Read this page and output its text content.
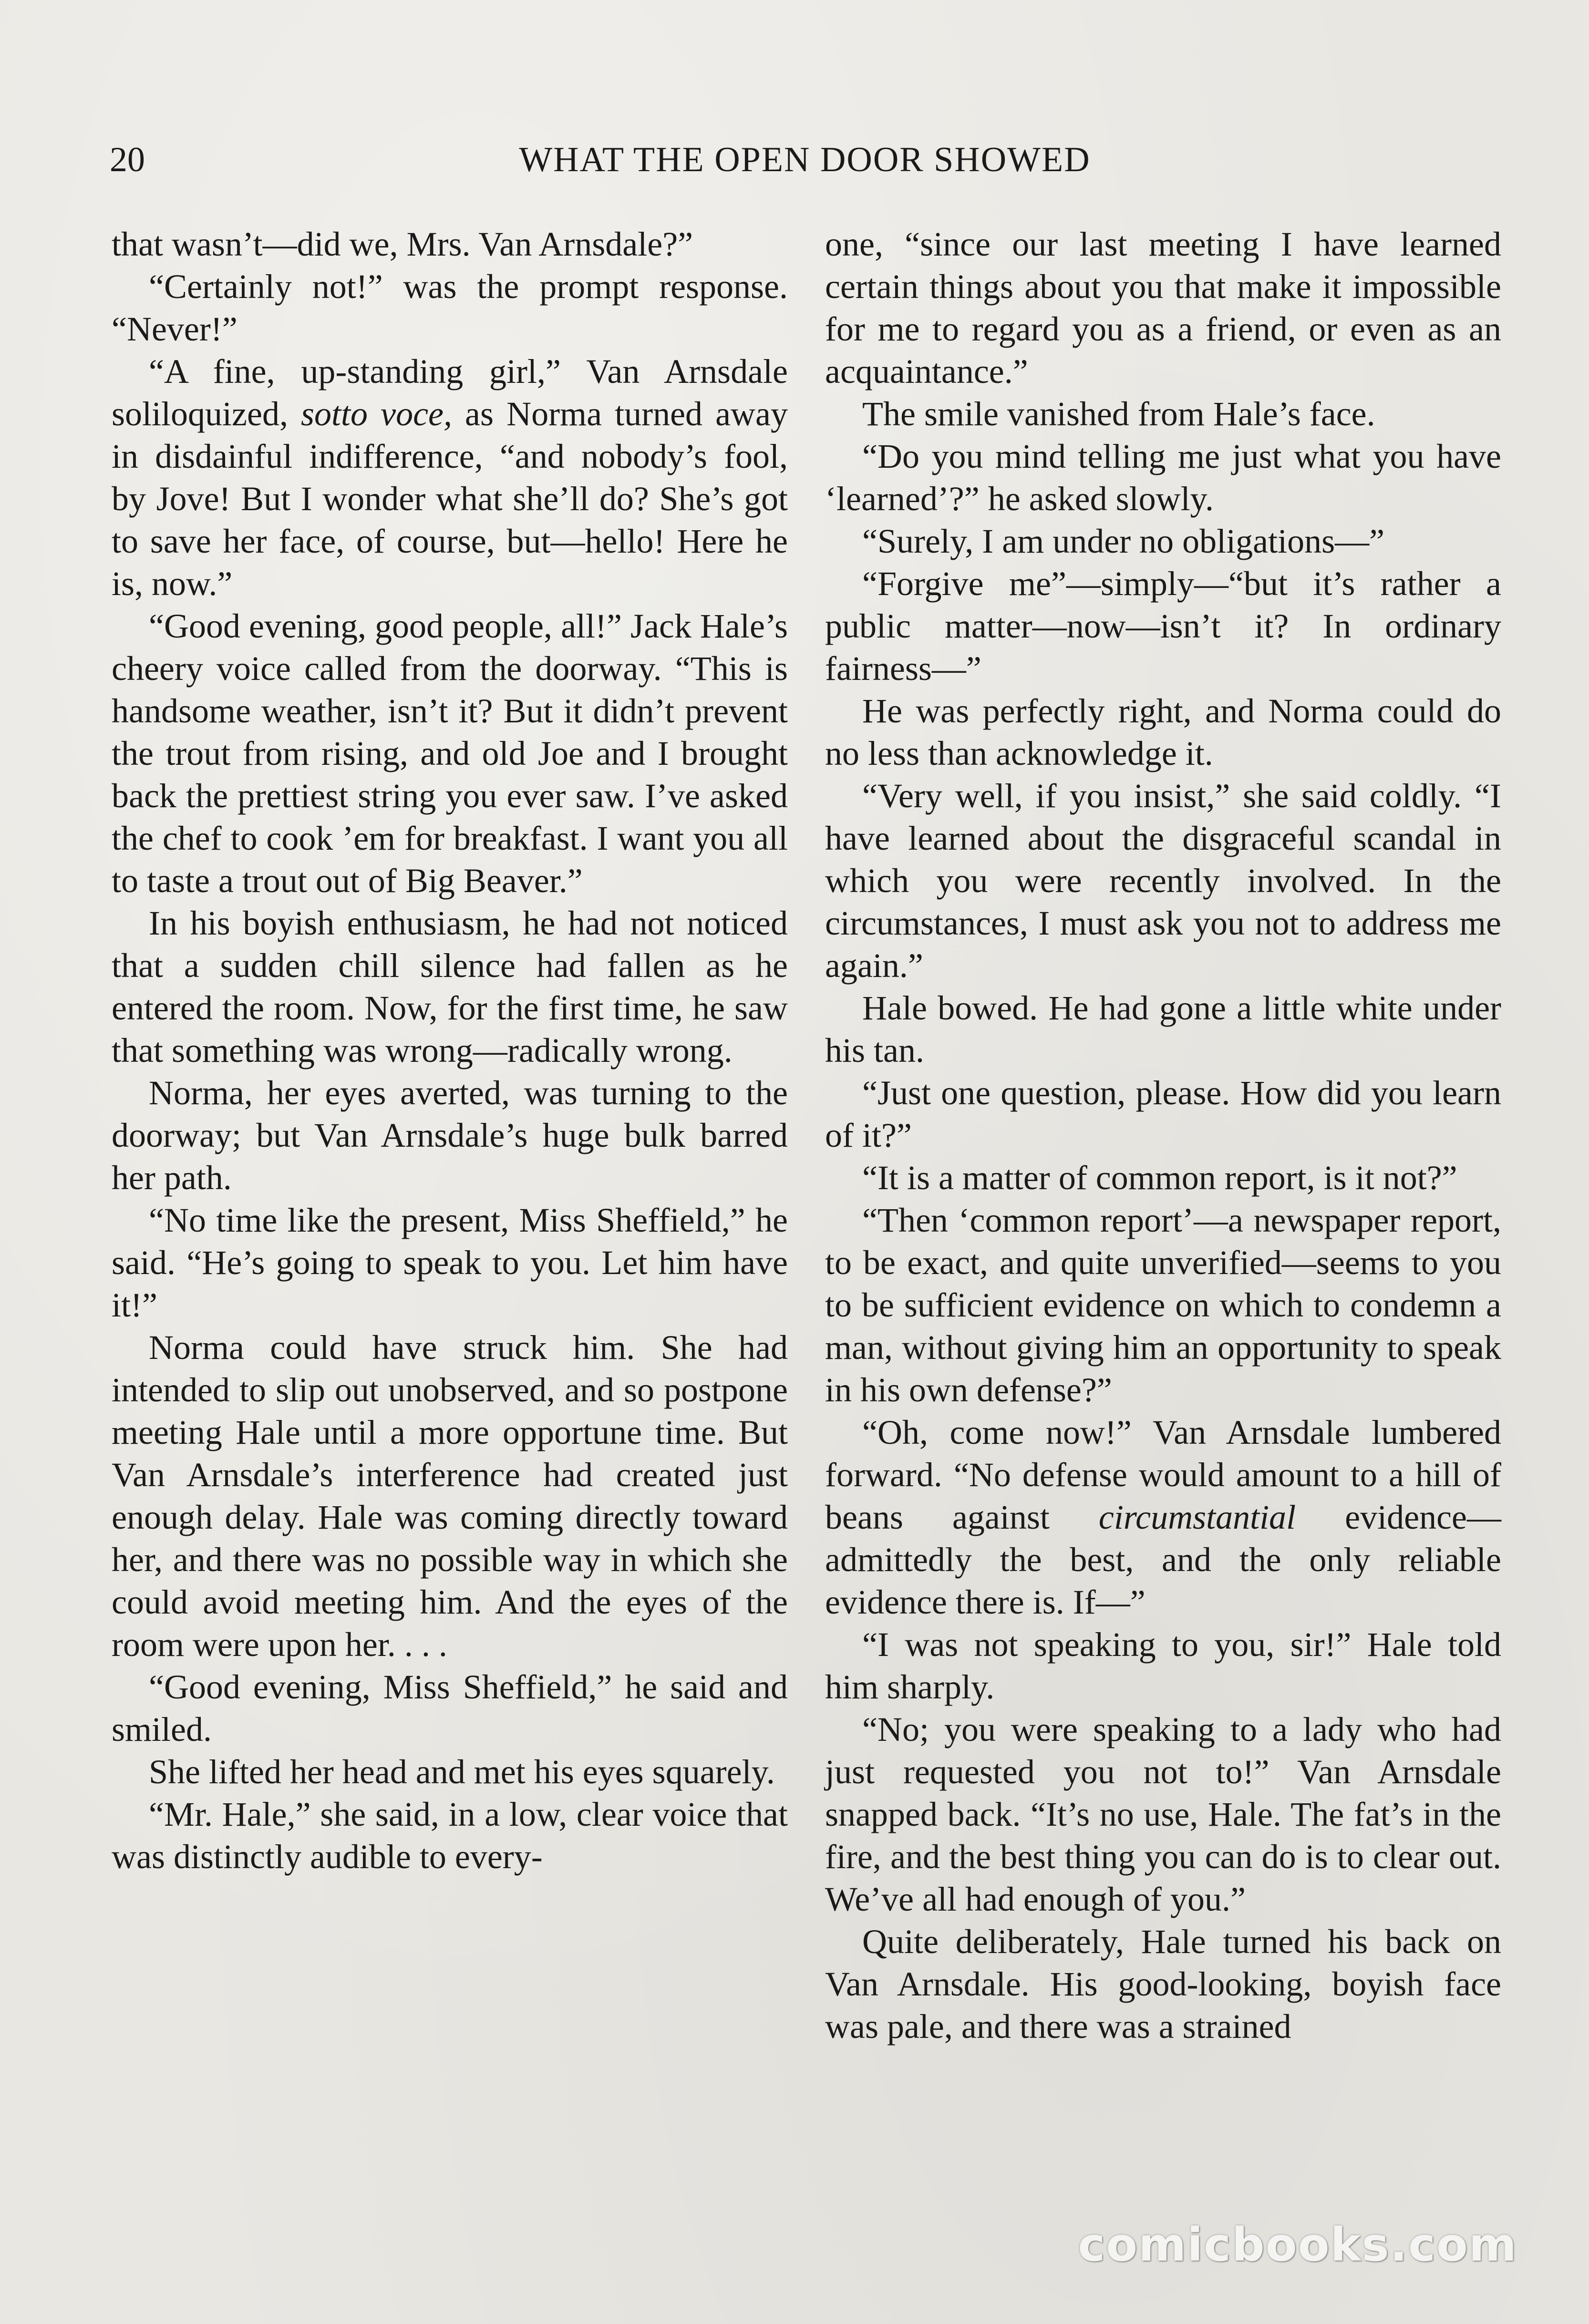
20	WHAT THE OPEN DOOR SHOWED

that wasn’t—did we, Mrs. Van Arnsdale?”

“Certainly not!” was the prompt response. “Never!”

“A fine, up-standing girl,” Van Arnsdale soliloquized, sotto voce, as Norma turned away in disdainful indifference, “and nobody’s fool, by Jove! But I wonder what she’ll do? She’s got to save her face, of course, but—hello! Here he is, now.”

“Good evening, good people, all!” Jack Hale’s cheery voice called from the doorway. “This is handsome weather, isn’t it? But it didn’t prevent the trout from rising, and old Joe and I brought back the prettiest string you ever saw. I’ve asked the chef to cook ’em for breakfast. I want you all to taste a trout out of Big Beaver.”

In his boyish enthusiasm, he had not noticed that a sudden chill silence had fallen as he entered the room. Now, for the first time, he saw that something was wrong—radically wrong.

Norma, her eyes averted, was turning to the doorway; but Van Arnsdale’s huge bulk barred her path.

“No time like the present, Miss Sheffield,” he said. “He’s going to speak to you. Let him have it!”

Norma could have struck him. She had intended to slip out unobserved, and so postpone meeting Hale until a more opportune time. But Van Arnsdale’s interference had created just enough delay. Hale was coming directly toward her, and there was no possible way in which she could avoid meeting him. And the eyes of the room were upon her. . . .

“Good evening, Miss Sheffield,” he said and smiled.

She lifted her head and met his eyes squarely.

“Mr. Hale,” she said, in a low, clear voice that was distinctly audible to every-

one, “since our last meeting I have learned certain things about you that make it impossible for me to regard you as a friend, or even as an acquaintance.”

The smile vanished from Hale’s face.

“Do you mind telling me just what you have ‘learned’?” he asked slowly.

“Surely, I am under no obligations—”

“Forgive me”—simply—“but it’s rather a public matter—now—isn’t it? In ordinary fairness—”

He was perfectly right, and Norma could do no less than acknowledge it.

“Very well, if you insist,” she said coldly. “I have learned about the disgraceful scandal in which you were recently involved. In the circumstances, I must ask you not to address me again.”

Hale bowed. He had gone a little white under his tan.

“Just one question, please. How did you learn of it?”

“It is a matter of common report, is it not?”

“Then ‘common report’—a newspaper report, to be exact, and quite unverified—seems to you to be sufficient evidence on which to condemn a man, without giving him an opportunity to speak in his own defense?”

“Oh, come now!” Van Arnsdale lumbered forward. “No defense would amount to a hill of beans against circumstantial evidence—admittedly the best, and the only reliable evidence there is. If—”

“I was not speaking to you, sir!” Hale told him sharply.

“No; you were speaking to a lady who had just requested you not to!” Van Arnsdale snapped back. “It’s no use, Hale. The fat’s in the fire, and the best thing you can do is to clear out. We’ve all had enough of you.”

Quite deliberately, Hale turned his back on Van Arnsdale. His good-looking, boyish face was pale, and there was a strained

comicbooks.com
